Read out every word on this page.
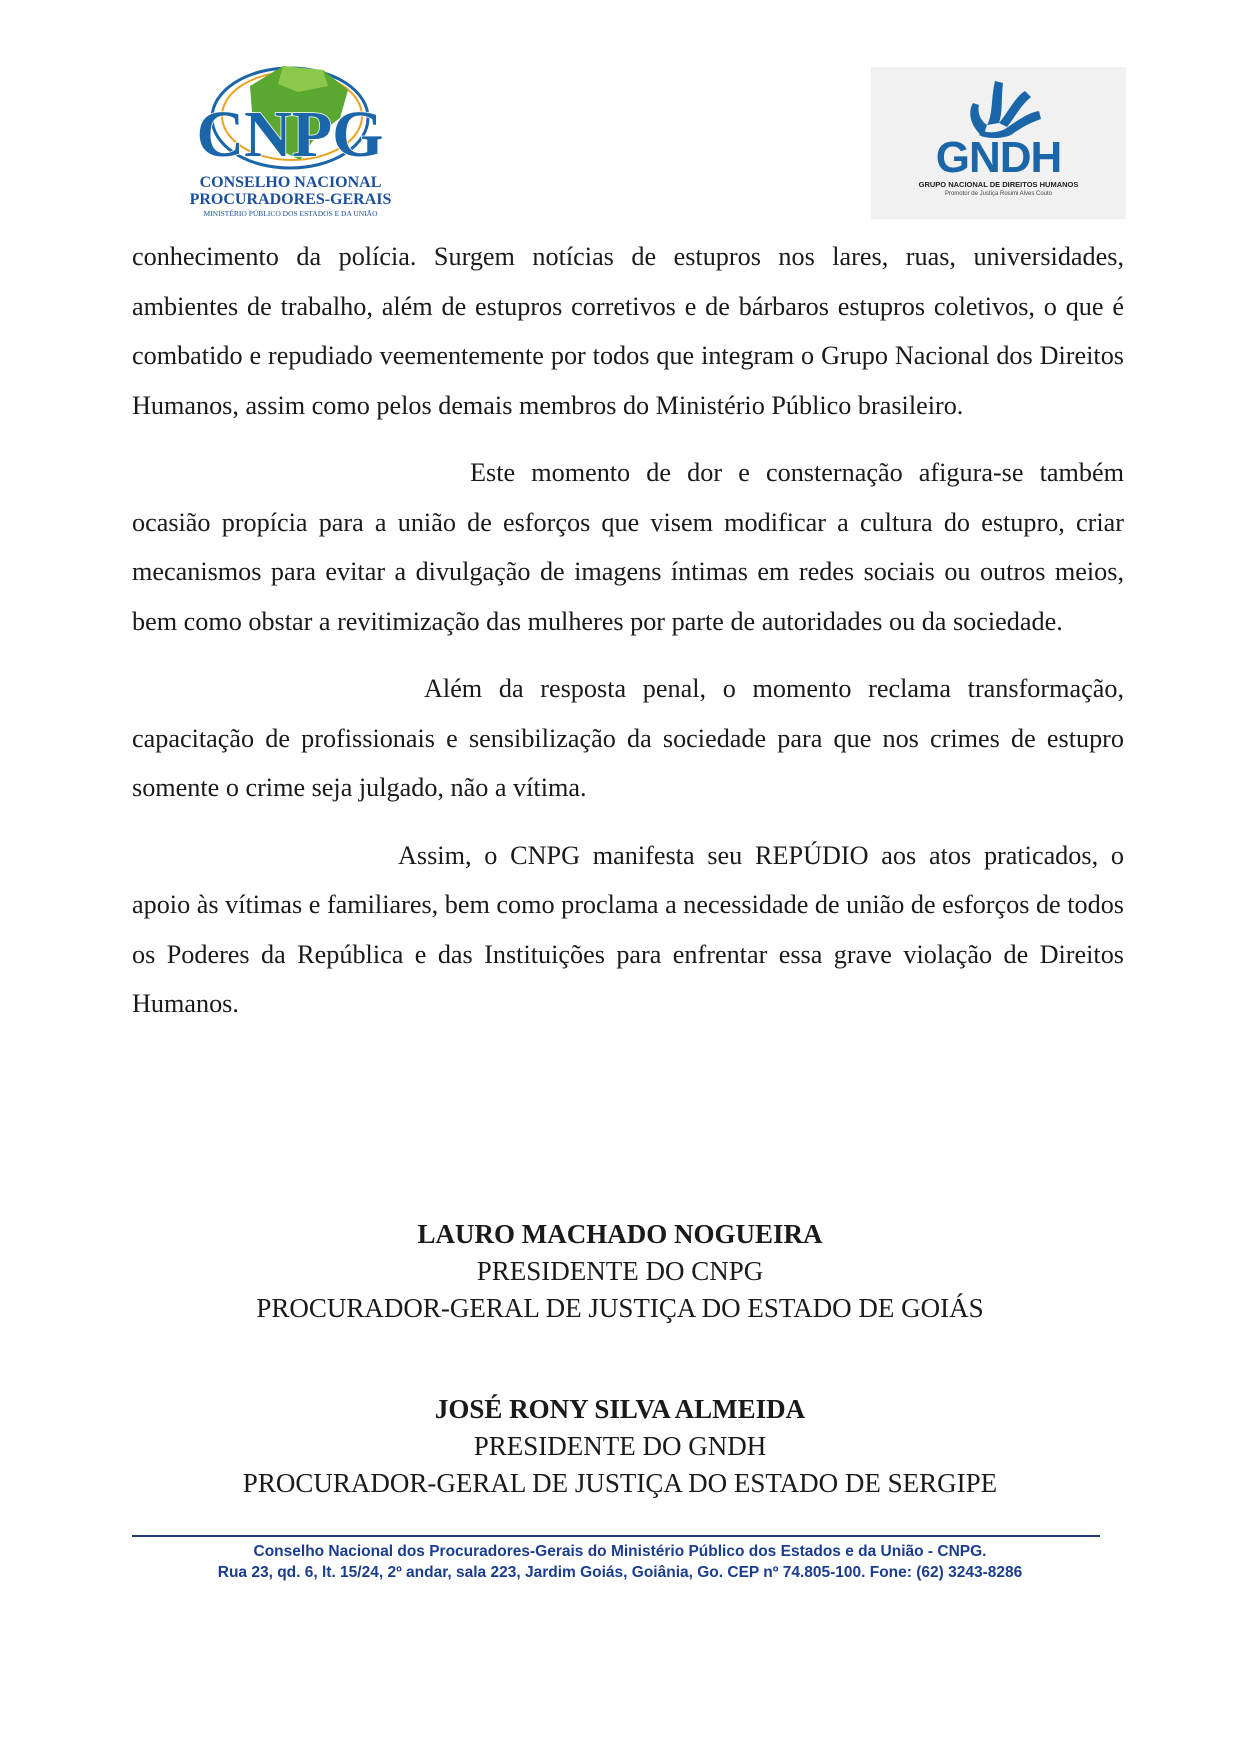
CNPG
CONSELHO NACIONAL
PROCURADORES-GERAIS
MINISTÉRIO PÚBLICO DOS ESTADOS E DA UNIÃO
GNDH
GRUPO NACIONAL DE DIREITOS HUMANOS
Promotor de Justiça Rosimi Alves Couto

conhecimento da polícia. Surgem notícias de estupros nos lares, ruas, universidades, ambientes de trabalho, além de estupros corretivos e de bárbaros estupros coletivos, o que é combatido e repudiado veementemente por todos que integram o Grupo Nacional dos Direitos Humanos, assim como pelos demais membros do Ministério Público brasileiro.

Este momento de dor e consternação afigura-se também ocasião propícia para a união de esforços que visem modificar a cultura do estupro, criar mecanismos para evitar a divulgação de imagens íntimas em redes sociais ou outros meios, bem como obstar a revitimização das mulheres por parte de autoridades ou da sociedade.

Além da resposta penal, o momento reclama transformação, capacitação de profissionais e sensibilização da sociedade para que nos crimes de estupro somente o crime seja julgado, não a vítima.

Assim, o CNPG manifesta seu REPÚDIO aos atos praticados, o apoio às vítimas e familiares, bem como proclama a necessidade de união de esforços de todos os Poderes da República e das Instituições para enfrentar essa grave violação de Direitos Humanos.

LAURO MACHADO NOGUEIRA
PRESIDENTE DO CNPG
PROCURADOR-GERAL DE JUSTIÇA DO ESTADO DE GOIÁS
JOSÉ RONY SILVA ALMEIDA
PRESIDENTE DO GNDH
PROCURADOR-GERAL DE JUSTIÇA DO ESTADO DE SERGIPE
Conselho Nacional dos Procuradores-Gerais do Ministério Público dos Estados e da União - CNPG.
Rua 23, qd. 6, lt. 15/24, 2º andar, sala 223, Jardim Goiás, Goiânia, Go. CEP nº 74.805-100. Fone: (62) 3243-8286
